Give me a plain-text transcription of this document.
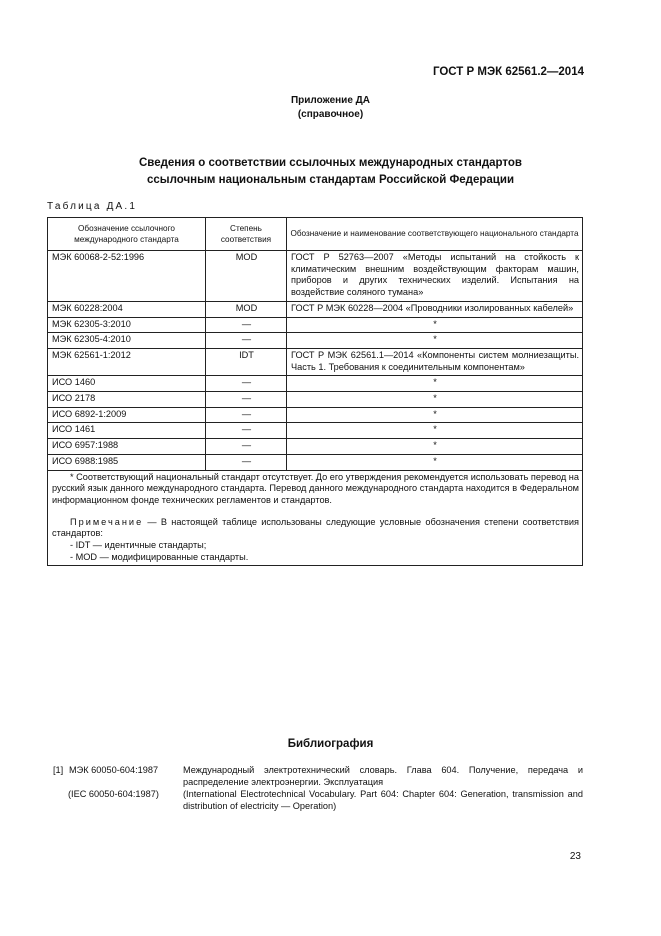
ГОСТ Р МЭК 62561.2—2014
Приложение ДА
(справочное)
Сведения о соответствии ссылочных международных стандартов
ссылочным национальным стандартам Российской Федерации
Таблица ДА.1
Обозначение ссылочного международного стандарта	Степень соответствия	Обозначение и наименование соответствующего национального стандарта
МЭК 60068-2-52:1996	MOD	ГОСТ Р 52763—2007 «Методы испытаний на стойкость к климатическим внешним воздействующим факторам машин, приборов и других технических изделий. Испытания на воздействие соляного тумана»
МЭК 60228:2004	MOD	ГОСТ Р МЭК 60228—2004 «Проводники изолированных кабелей»
МЭК 62305-3:2010	—	*
МЭК 62305-4:2010	—	*
МЭК 62561-1:2012	IDT	ГОСТ Р МЭК 62561.1—2014 «Компоненты систем молниезащиты. Часть 1. Требования к соединительным компонентам»
ИСО 1460	—	*
ИСО 2178	—	*
ИСО 6892-1:2009	—	*
ИСО 1461	—	*
ИСО 6957:1988	—	*
ИСО 6988:1985	—	*

* Соответствующий национальный стандарт отсутствует. До его утверждения рекомендуется использовать перевод на русский язык данного международного стандарта. Перевод данного международного стандарта находится в Федеральном информационном фонде технических регламентов и стандартов.

Примечание — В настоящей таблице использованы следующие условные обозначения степени соответствия стандартов:

- IDT — идентичные стандарты;
- MOD — модифицированные стандарты.		
Библиография
[1] МЭК 60050-604:1987	Международный электротехнический словарь. Глава 604. Получение, передача и распределение электроэнергии. Эксплуатация
(IEC 60050-604:1987)	(International Electrotechnical Vocabulary. Part 604: Chapter 604: Generation, transmission and distribution of electricity — Operation)
23
